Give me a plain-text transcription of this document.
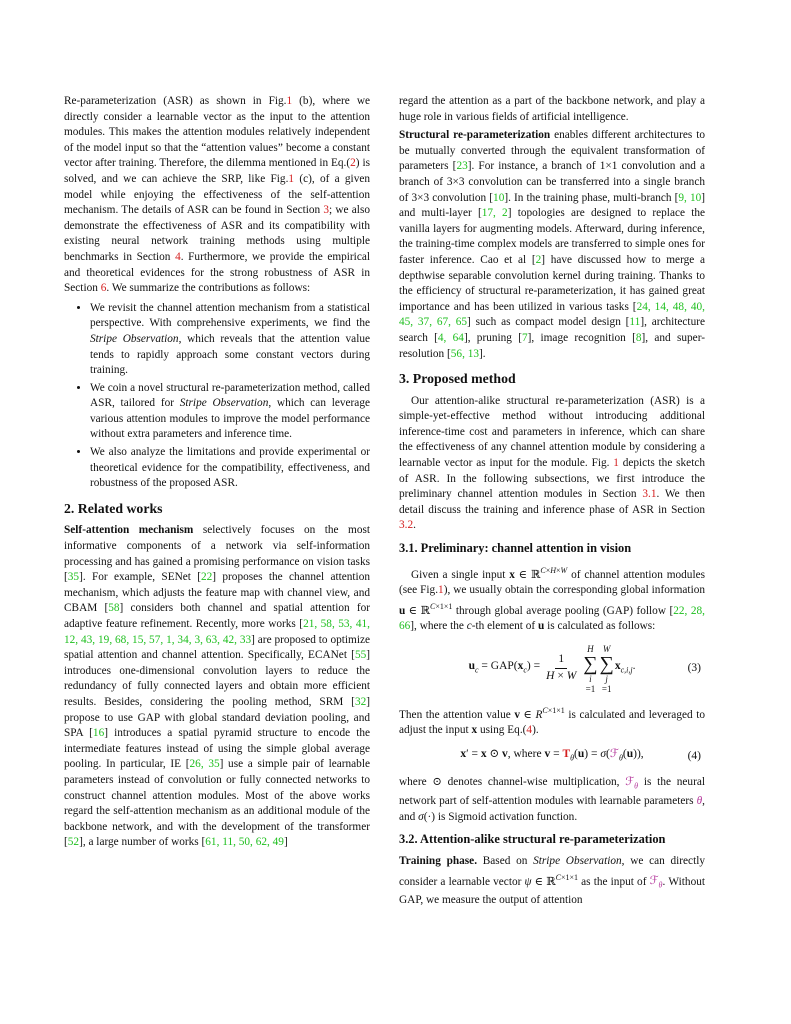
Re-parameterization (ASR) as shown in Fig.1 (b), where we directly consider a learnable vector as the input to the attention modules. This makes the attention modules relatively independent of the model input so that the “attention values” become a constant vector after training. Therefore, the dilemma mentioned in Eq.(2) is solved, and we can achieve the SRP, like Fig.1 (c), of a given model while enjoying the effectiveness of the self-attention mechanism. The details of ASR can be found in Section 3; we also demonstrate the effectiveness of ASR and its compatibility with existing neural network training methods using multiple benchmarks in Section 4. Furthermore, we provide the empirical and theoretical evidences for the strong robustness of ASR in Section 6. We summarize the contributions as follows:

• We revisit the channel attention mechanism from a statistical perspective. With comprehensive experiments, we find the Stripe Observation, which reveals that the attention value tends to rapidly approach some constant vectors during training.
• We coin a novel structural re-parameterization method, called ASR, tailored for Stripe Observation, which can leverage various attention modules to improve the model performance without extra parameters and inference time.
• We also analyze the limitations and provide experimental or theoretical evidence for the compatibility, effectiveness, and robustness of the proposed ASR.
2. Related works

Self-attention mechanism selectively focuses on the most informative components of a network via self-information processing and has gained a promising performance on vision tasks [35]. For example, SENet [22] proposes the channel attention mechanism, which adjusts the feature map with channel view, and CBAM [58] considers both channel and spatial attention for adaptive feature refinement. Recently, more works [21, 58, 53, 41, 12, 43, 19, 68, 15, 57, 1, 34, 3, 63, 42, 33] are proposed to optimize spatial attention and channel attention. Specifically, ECANet [55] introduces one-dimensional convolution layers to reduce the redundancy of fully connected layers and obtain more efficient results. Besides, considering the pooling method, SRM [32] propose to use GAP with global standard deviation pooling, and SPA [16] introduces a spatial pyramid structure to encode the intermediate features instead of using the simple global average pooling. In particular, IE [26, 35] use a simple pair of learnable parameters instead of convolution or fully connected networks to construct channel attention modules. Most of the above works regard the self-attention mechanism as an additional module of the backbone network, and with the development of the transformer [52], a large number of works [61, 11, 50, 62, 49]

regard the attention as a part of the backbone network, and play a huge role in various fields of artificial intelligence.

Structural re-parameterization enables different architectures to be mutually converted through the equivalent transformation of parameters [23]. For instance, a branch of 1×1 convolution and a branch of 3×3 convolution can be transferred into a single branch of 3×3 convolution [10]. In the training phase, multi-branch [9, 10] and multi-layer [17, 2] topologies are designed to replace the vanilla layers for augmenting models. Afterward, during inference, the training-time complex models are transferred to simple ones for faster inference. Cao et al [2] have discussed how to merge a depthwise separable convolution kernel during training. Thanks to the efficiency of structural re-parameterization, it has gained great importance and has been utilized in various tasks [24, 14, 48, 40, 45, 37, 67, 65] such as compact model design [11], architecture search [4, 64], pruning [7], image recognition [8], and super-resolution [56, 13].

3. Proposed method

Our attention-alike structural re-parameterization (ASR) is a simple-yet-effective method without introducing additional inference-time cost and parameters in inference, which can share the effectiveness of any channel attention module by considering a learnable vector as input for the module. Fig. 1 depicts the sketch of ASR. In the following subsections, we first introduce the preliminary channel attention modules in Section 3.1. We then detail discuss the training and inference phase of ASR in Section 3.2.

3.1. Preliminary: channel attention in vision

Given a single input x ∈ ℝ$^{C\times H\times W}$ of channel attention modules (see Fig.1), we usually obtain the corresponding global information u ∈ ℝ$^{C\times 1\times 1}$ through global average pooling (GAP) follow [22, 28, 66], where the c-th element of u is calculated as follows:

$u_c = GAP(x_c) = \frac{1}{H \times W}$
H
∑
i
=1
W
∑
j
=1
$x_{c,i,j}$.	(3)

Then the attention value v ∈ $R^{C\times 1\times 1}$ is calculated and leveraged to adjust the input x using Eq.(4).

x′ = x ⊙ v, where $v = T_\theta(u)$ = σ(ℱ$_\theta$(u)),	(4)

where ⊙ denotes channel-wise multiplication, ℱ$_\theta$ is the neural network part of self-attention modules with learnable parameters θ, and σ(·) is Sigmoid activation function.

3.2. Attention-alike structural re-parameterization

Training phase. Based on Stripe Observation, we can directly consider a learnable vector ψ ∈ ℝ$^{C\times 1\times 1}$ as the input of ℱ$_\theta$. Without GAP, we measure the output of attention
